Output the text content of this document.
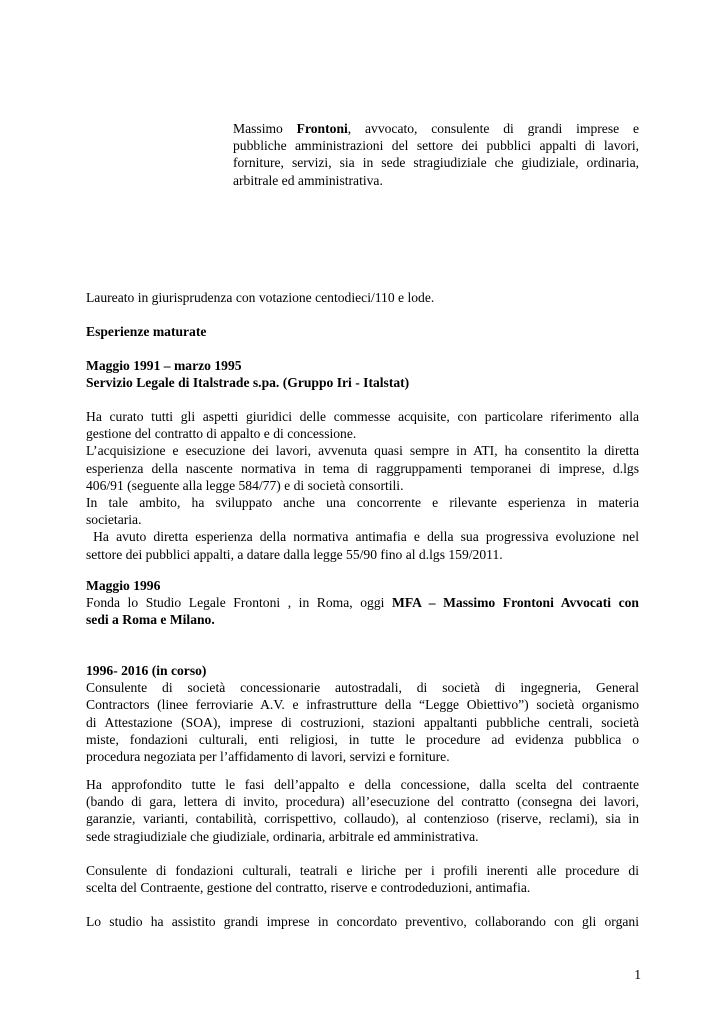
Massimo Frontoni, avvocato, consulente di grandi imprese e
pubbliche amministrazioni del settore dei pubblici appalti di lavori,
forniture, servizi, sia in sede stragiudiziale che giudiziale, ordinaria,
arbitrale ed amministrativa.

Laureato in giurisprudenza con votazione centodieci/110 e lode.

Esperienze maturate

Maggio 1991 – marzo 1995
Servizio Legale di Italstrade s.pa. (Gruppo Iri - Italstat)
Ha curato tutti gli aspetti giuridici delle commesse acquisite, con particolare riferimento alla
gestione del contratto di appalto e di concessione.
L’acquisizione e esecuzione dei lavori, avvenuta quasi sempre in ATI, ha consentito la diretta
esperienza della nascente normativa in tema di raggruppamenti temporanei di imprese, d.lgs
406/91 (seguente alla legge 584/77) e di società consortili.
In tale ambito, ha sviluppato anche una concorrente e rilevante esperienza in materia
societaria.
Ha avuto diretta esperienza della normativa antimafia e della sua progressiva evoluzione nel
settore dei pubblici appalti, a datare dalla legge 55/90 fino al d.lgs 159/2011.
Maggio 1996
Fonda lo Studio Legale Frontoni , in Roma, oggi MFA – Massimo Frontoni Avvocati con
sedi a Roma e Milano.
1996- 2016 (in corso)
Consulente di società concessionarie autostradali, di società di ingegneria, General
Contractors (linee ferroviarie A.V. e infrastrutture della “Legge Obiettivo”) società organismo
di Attestazione (SOA), imprese di costruzioni, stazioni appaltanti pubbliche centrali, società
miste, fondazioni culturali, enti religiosi, in tutte le procedure ad evidenza pubblica o
procedura negoziata per l’affidamento di lavori, servizi e forniture.
Ha approfondito tutte le fasi dell’appalto e della concessione, dalla scelta del contraente
(bando di gara, lettera di invito, procedura) all’esecuzione del contratto (consegna dei lavori,
garanzie, varianti, contabilità, corrispettivo, collaudo), al contenzioso (riserve, reclami), sia in
sede stragiudiziale che giudiziale, ordinaria, arbitrale ed amministrativa.
Consulente di fondazioni culturali, teatrali e liriche per i profili inerenti alle procedure di
scelta del Contraente, gestione del contratto, riserve e controdeduzioni, antimafia.
Lo studio ha assistito grandi imprese in concordato preventivo, collaborando con gli organi
1
